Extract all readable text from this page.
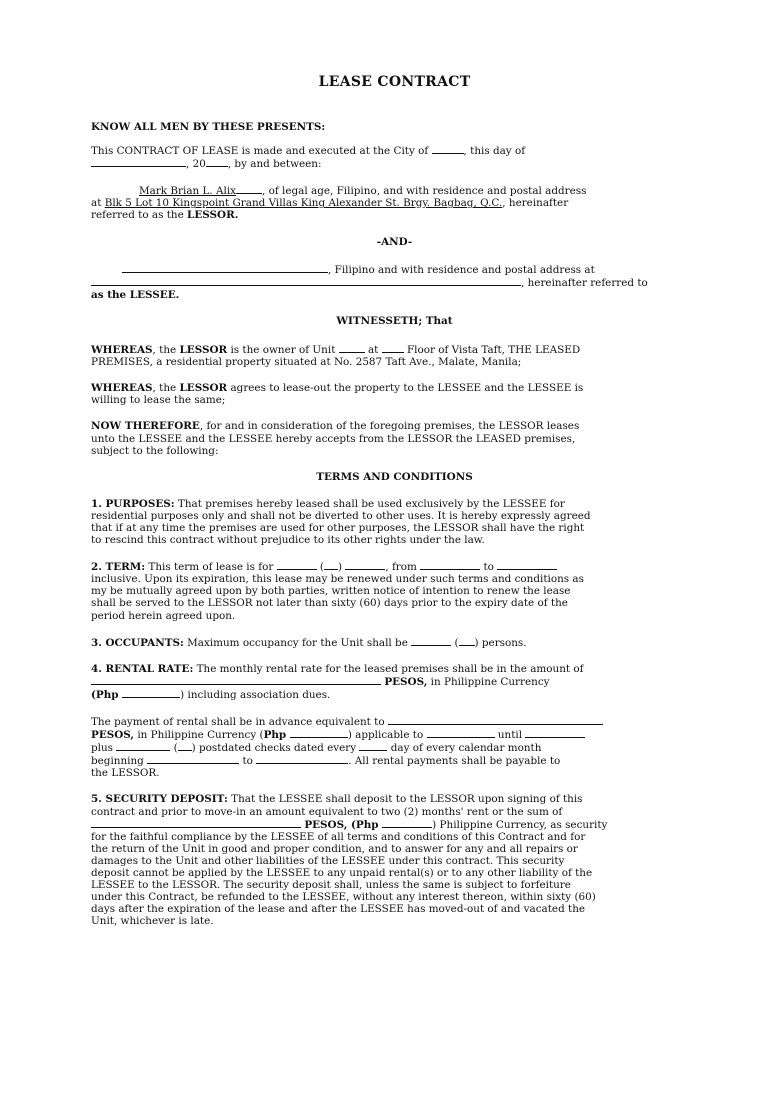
LEASE CONTRACT

KNOW ALL MEN BY THESE PRESENTS:

This CONTRACT OF LEASE is made and executed at the City of	, this day of
, 20 , by and between:

Mark Brian L. Alix	, of legal age, Filipino, and with residence and postal address
at Blk 5 Lot 10 Kingspoint Grand Villas King Alexander St. Brgy. Bagbag, Q.C., hereinafter
referred to as the LESSOR.

-AND-

, Filipino and with residence and postal address at
, hereinafter referred to
as the LESSEE.

WITNESSETH; That

WHEREAS, the LESSOR is the owner of Unit	at  Floor of Vista Taft, THE LEASED
PREMISES, a residential property situated at No. 2587 Taft Ave., Malate, Manila;

WHEREAS, the LESSOR agrees to lease-out the property to the LESSEE and the LESSEE is
willing to lease the same;

NOW THEREFORE, for and in consideration of the foregoing premises, the LESSOR leases
unto the LESSEE and the LESSEE hereby accepts from the LESSOR the LEASED premises,
subject to the following:

TERMS AND CONDITIONS

1. PURPOSES: That premises hereby leased shall be used exclusively by the LESSEE for
residential purposes only and shall not be diverted to other uses. It is hereby expressly agreed
that if at any time the premises are used for other purposes, the LESSOR shall have the right
to rescind this contract without prejudice to its other rights under the law.

2. TERM: This term of lease is for	( )	, from	to
inclusive. Upon its expiration, this lease may be renewed under such terms and conditions as
my be mutually agreed upon by both parties, written notice of intention to renew the lease
shall be served to the LESSOR not later than sixty (60) days prior to the expiry date of the
period herein agreed upon.

3. OCCUPANTS: Maximum occupancy for the Unit shall be	( ) persons.

4. RENTAL RATE: The monthly rental rate for the leased premises shall be in the amount of
PESOS, in Philippine Currency
(Php	) including association dues.

The payment of rental shall be in advance equivalent to
PESOS, in Philippine Currency (Php	) applicable to	until
plus	( ) postdated checks dated every	day of every calendar month
beginning	to	. All rental payments shall be payable to
the LESSOR.

5. SECURITY DEPOSIT: That the LESSEE shall deposit to the LESSOR upon signing of this
contract and prior to move-in an amount equivalent to two (2) months' rent or the sum of
PESOS, (Php	) Philippine Currency, as security
for the faithful compliance by the LESSEE of all terms and conditions of this Contract and for
the return of the Unit in good and proper condition, and to answer for any and all repairs or
damages to the Unit and other liabilities of the LESSEE under this contract. This security
deposit cannot be applied by the LESSEE to any unpaid rental(s) or to any other liability of the
LESSEE to the LESSOR. The security deposit shall, unless the same is subject to forfeiture
under this Contract, be refunded to the LESSEE, without any interest thereon, within sixty (60)
days after the expiration of the lease and after the LESSEE has moved-out of and vacated the
Unit, whichever is late.
